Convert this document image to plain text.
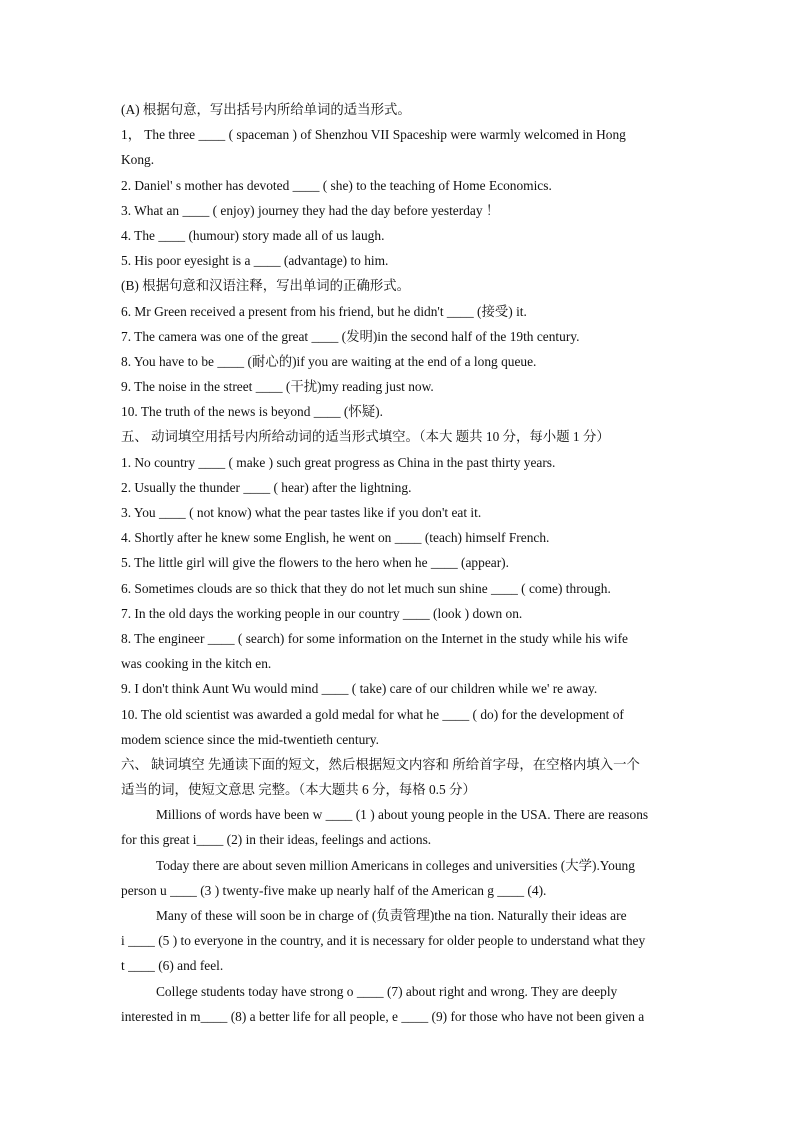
(A) 根据句意，写出括号内所给单词的适当形式。
1， The three ____ ( spaceman ) of Shenzhou VII Spaceship were warmly welcomed in Hong
Kong.
2. Daniel' s mother has devoted ____ ( she) to the teaching of Home Economics.
3. What an ____ ( enjoy) journey they had the day before yesterday ！
4. The ____ (humour) story made all of us laugh.
5. His poor eyesight is a ____ (advantage) to him.
(B) 根据句意和汉语注释，写出单词的正确形式。
6. Mr Green received a present from his friend, but he didn't ____ (接受) it.
7. The camera was one of the great ____ (发明)in the second half of the 19th century.
8. You have to be ____ (耐心的)if you are waiting at the end of a long queue.
9. The noise in the street ____ (干扰)my reading just now.
10. The truth of the news is beyond ____ (怀疑).
五、 动词填空用括号内所给动词的适当形式填空。（本大 题共 10 分，每小题 1 分）
1. No country ____ ( make ) such great progress as China in the past thirty years.
2. Usually the thunder ____ ( hear) after the lightning.
3. You ____ ( not know) what the pear tastes like if you don't eat it.
4. Shortly after he knew some English, he went on ____ (teach) himself French.
5. The little girl will give the flowers to the hero when he ____ (appear).
6. Sometimes clouds are so thick that they do not let much sun shine ____ ( come) through.
7. In the old days the working people in our country ____ (look ) down on.
8. The engineer ____ ( search) for some information on the Internet in the study while his wife
was cooking in the kitch en.
9. I don't think Aunt Wu would mind ____ ( take) care of our children while we' re away.
10. The old scientist was awarded a gold medal for what he ____ ( do) for the development of
modem science since the mid-twentieth century.
六、 缺词填空 先通读下面的短文，然后根据短文内容和 所给首字母，在空格内填入一个
适当的词，使短文意思 完整。（本大题共 6 分，每格 0.5 分）
Millions of words have been w ____ (1 ) about young people in the USA. There are reasons
for this great i____ (2) in their ideas, feelings and actions.
Today there are about seven million Americans in colleges and universities (大学).Young
person u ____ (3 ) twenty-five make up nearly half of the American g ____ (4).
Many of these will soon be in charge of (负责管理)the na tion. Naturally their ideas are
i ____ (5 ) to everyone in the country, and it is necessary for older people to understand what they
t ____ (6) and feel.
College students today have strong o ____ (7) about right and wrong. They are deeply
interested in m____ (8) a better life for all people, e ____ (9) for those who have not been given a
